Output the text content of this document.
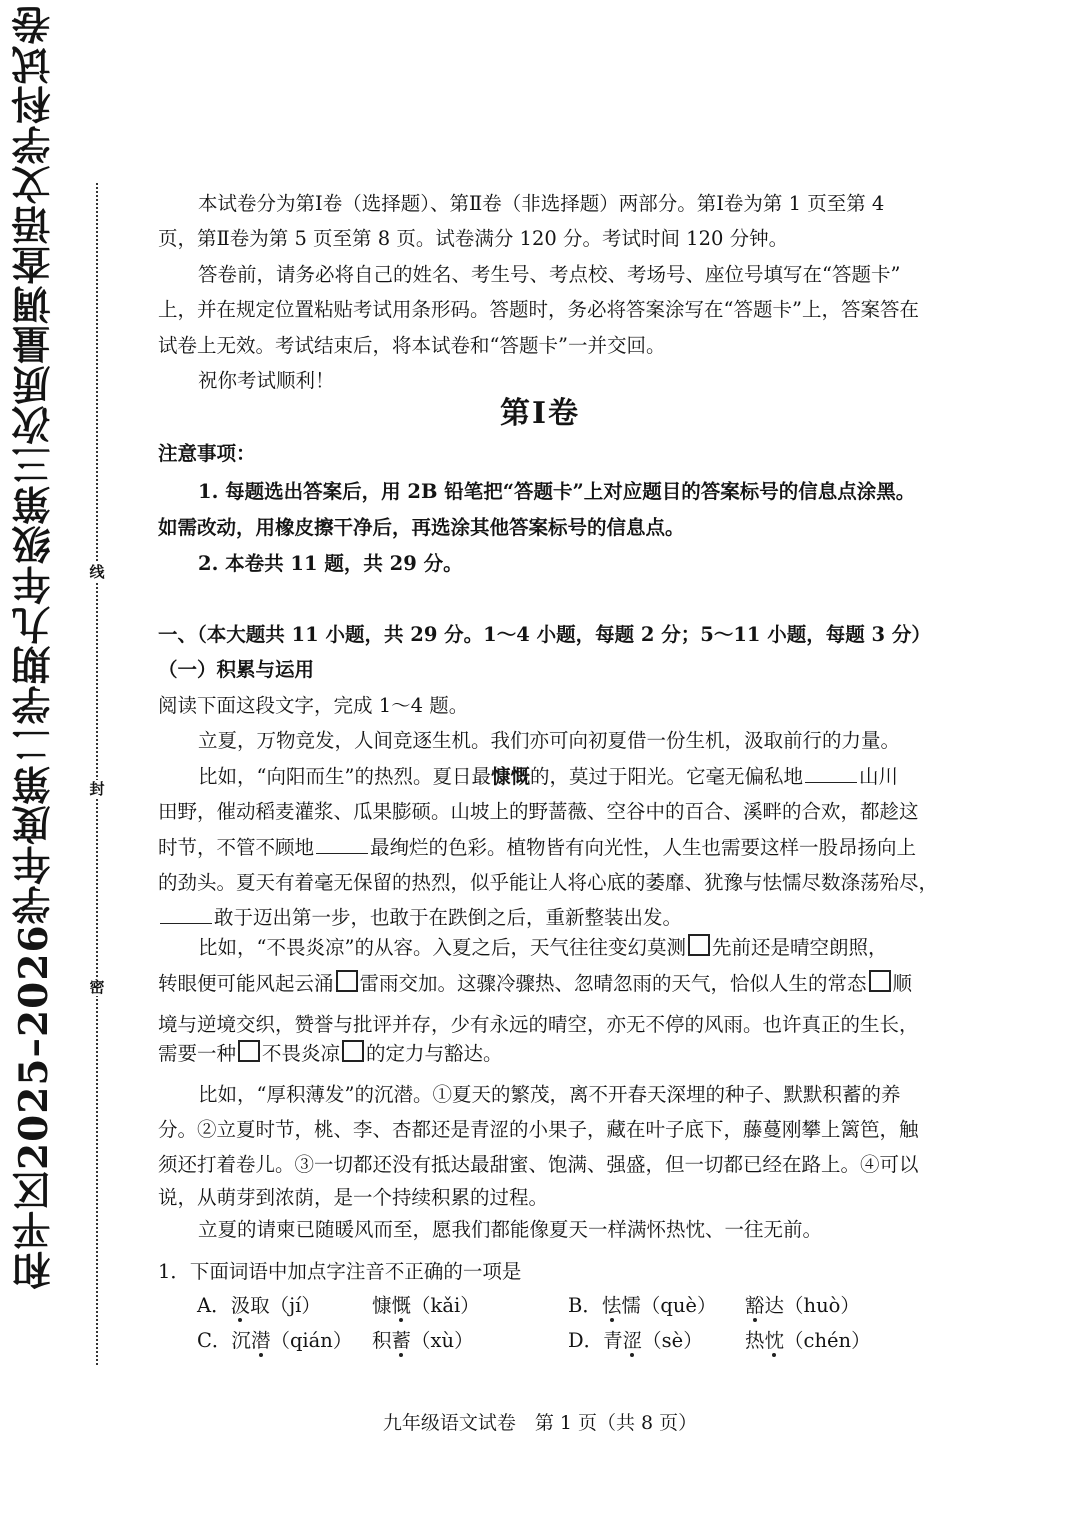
和平区2025–2026学年度第二学期九年级第三次质量调查语文学科试卷	线
封
密
本试卷分为第Ⅰ卷（选择题）、第Ⅱ卷（非选择题）两部分。第Ⅰ卷为第 1 页至第 4
页，第Ⅱ卷为第 5 页至第 8 页。试卷满分 120 分。考试时间 120 分钟。
答卷前，请务必将自己的姓名、考生号、考点校、考场号、座位号填写在“答题卡”
上，并在规定位置粘贴考试用条形码。答题时，务必将答案涂写在“答题卡”上，答案答在
试卷上无效。考试结束后，将本试卷和“答题卡”一并交回。
祝你考试顺利！
第Ⅰ卷
注意事项：
1. 每题选出答案后，用 2B 铅笔把“答题卡”上对应题目的答案标号的信息点涂黑。
如需改动，用橡皮擦干净后，再选涂其他答案标号的信息点。
2. 本卷共 11 题，共 29 分。
一、（本大题共 11 小题，共 29 分。1～4 小题，每题 2 分；5～11 小题，每题 3 分）
（一）积累与运用
阅读下面这段文字，完成 1～4 题。
立夏，万物竞发，人间竞逐生机。我们亦可向初夏借一份生机，汲取前行的力量。
比如，“向阳而生”的热烈。夏日最慷慨的，莫过于阳光。它毫无偏私地	山川
田野，催动稻麦灌浆、瓜果膨硕。山坡上的野蔷薇、空谷中的百合、溪畔的合欢，都趁这
时节，不管不顾地	最绚烂的色彩。植物皆有向光性，人生也需要这样一股昂扬向上
的劲头。夏天有着毫无保留的热烈，似乎能让人将心底的萎靡、犹豫与怯懦尽数涤荡殆尽，
敢于迈出第一步，也敢于在跌倒之后，重新整装出发。
比如，“不畏炎凉”的从容。入夏之后，天气往往变幻莫测 先前还是晴空朗照，
转眼便可能风起云涌 雷雨交加。这骤冷骤热、忽晴忽雨的天气，恰似人生的常态 顺
境与逆境交织，赞誉与批评并存，少有永远的晴空，亦无不停的风雨。也许真正的生长，
需要一种 不畏炎凉 的定力与豁达。
比如，“厚积薄发”的沉潜。①夏天的繁茂，离不开春天深埋的种子、默默积蓄的养
分。②立夏时节，桃、李、杏都还是青涩的小果子，藏在叶子底下，藤蔓刚攀上篱笆，触
须还打着卷儿。③一切都还没有抵达最甜蜜、饱满、强盛，但一切都已经在路上。④可以
说，从萌芽到浓荫，是一个持续积累的过程。
立夏的请柬已随暖风而至，愿我们都能像夏天一样满怀热忱、一往无前。
1．下面词语中加点字注音不正确的一项是
A．汲取（jí）	慷慨（kǎi）	B．怯懦（què） 豁达（huò）
C．沉潜（qián） 积蓄（xù）	D．青涩（sè） 热忱（chén）
九年级语文试卷　第 1 页（共 8 页）
